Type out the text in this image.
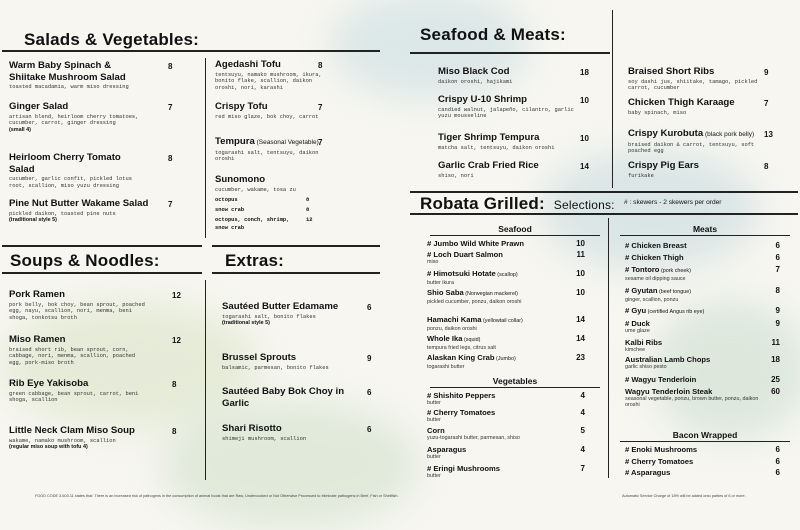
Salads & Vegetables:
Warm Baby Spinach & Shiitake Mushroom Salad
toasted macadamia, warm miso dressing
8
Ginger Salad
artisan blend, heirloom cherry tomatoes, cucumber, carrot, ginger dressing
(small 4)
7
Heirloom Cherry Tomato Salad
cucumber, garlic confit, pickled lotus root, scallion, miso yuzu dressing
8
Pine Nut Butter Wakame Salad
pickled daikon, toasted pine nuts
(traditional style 5)
7
Agedashi Tofu
tentsuyu, namako mushroom, ikura, bonito flake, scallion, daikon oroshi, nori, karashi
8
Crispy Tofu
red miso glaze, bok choy, carrot
7
Tempura (Seasonal Vegetable)
togarashi salt, tentsuyu, daikon oroshi
7
Sunomono
cucumber, wakame, tosa zu
octopus	8
snow crab	8
octopus, conch, shrimp, snow crab
12
Soups & Noodles:
Pork Ramen
pork belly, bok choy, bean sprout, poached egg, nayu, scallion, nori, menma, beni shoga, tonkotsu broth
12
Miso Ramen
braised short rib, bean sprout, corn, cabbage, nori, menma, scallion, poached egg, pork-miso broth
12
Rib Eye Yakisoba
green cabbage, bean sprout, carrot, beni shoga, scallion
8
Little Neck Clam Miso Soup
wakame, namako mushroom, scallion
(regular miso soup with tofu 4)
8
Extras:
Sautéed Butter Edamame
togarashi salt, bonito flakes
(traditional style 5)
6
Brussel Sprouts
balsamic, parmesan, bonito flakes
9
Sautéed Baby Bok Choy in Garlic
6
Shari Risotto
shimeji mushroom, scallion
6
Seafood & Meats:
Miso Black Cod
daikon oroshi, hajikami
18
Crispy U-10 Shrimp
candied walnut, jalapeño, cilantro, garlic yuzu mousseline
10
Tiger Shrimp Tempura
matcha salt, tentsuyu, daikon oroshi
10
Garlic Crab Fried Rice
shiso, nori
14
Braised Short Ribs
soy dashi jus, shiitake, tamago, pickled carrot, cucumber
9
Chicken Thigh Karaage
baby spinach, miso
7
Crispy Kurobuta (black pork belly)
braised daikon & carrot, tentsuyu, soft poached egg
13
Crispy Pig Ears
furikake
8
Robata Grilled: Selections: # : skewers - 2 skewers per order
Seafood
# Jumbo Wild White Prawn	10
# Loch Duart Salmon
miso
11
# Himotsuki Hotate (scallop)
butter ikura
10
Shio Saba (Norwegian mackerel)
pickled cucumber, ponzu, daikon oroshi
10
Hamachi Kama (yellowtail collar)
ponzu, daikon oroshi
14
Whole Ika (squid)
tempura fried legs, citrus salt
14
Alaskan King Crab (Jumbo)
togarashi butter
23
Vegetables
# Shishito Peppers
butter
4
# Cherry Tomatoes
butter
4
Corn
yuzu-togarashi butter, parmesan, shiso
5
Asparagus
butter
4
# Eringi Mushrooms
butter
7
Meats
# Chicken Breast	6
# Chicken Thigh	6
# Tontoro (pork cheek)
sesame oil dipping sauce
7
# Gyutan (beef tongue)
ginger, scallion, ponzu
8
# Gyu (certified Angus rib eye)	9
# Duck
ume glaze
9
Kalbi Ribs
kimchee
11
Australian Lamb Chops
garlic shiso pesto
18
# Wagyu Tenderloin	25
Wagyu Tenderloin Steak
seasonal vegetable, ponzu, brown butter, ponzu, daikon oroshi
60
Bacon Wrapped
# Enoki Mushrooms	6
# Cherry Tomatoes	6
# Asparagus	6
FOOD CODE 3-603.11 states that: There is an increased risk of pathogens in the consumption of animal foods that are Raw, Undercooked or Not Otherwise Processed to eliminate pathogens in Beef, Fish or Shellfish.	Automatic Service Charge of 18% will be added onto parties of 6 or more.
